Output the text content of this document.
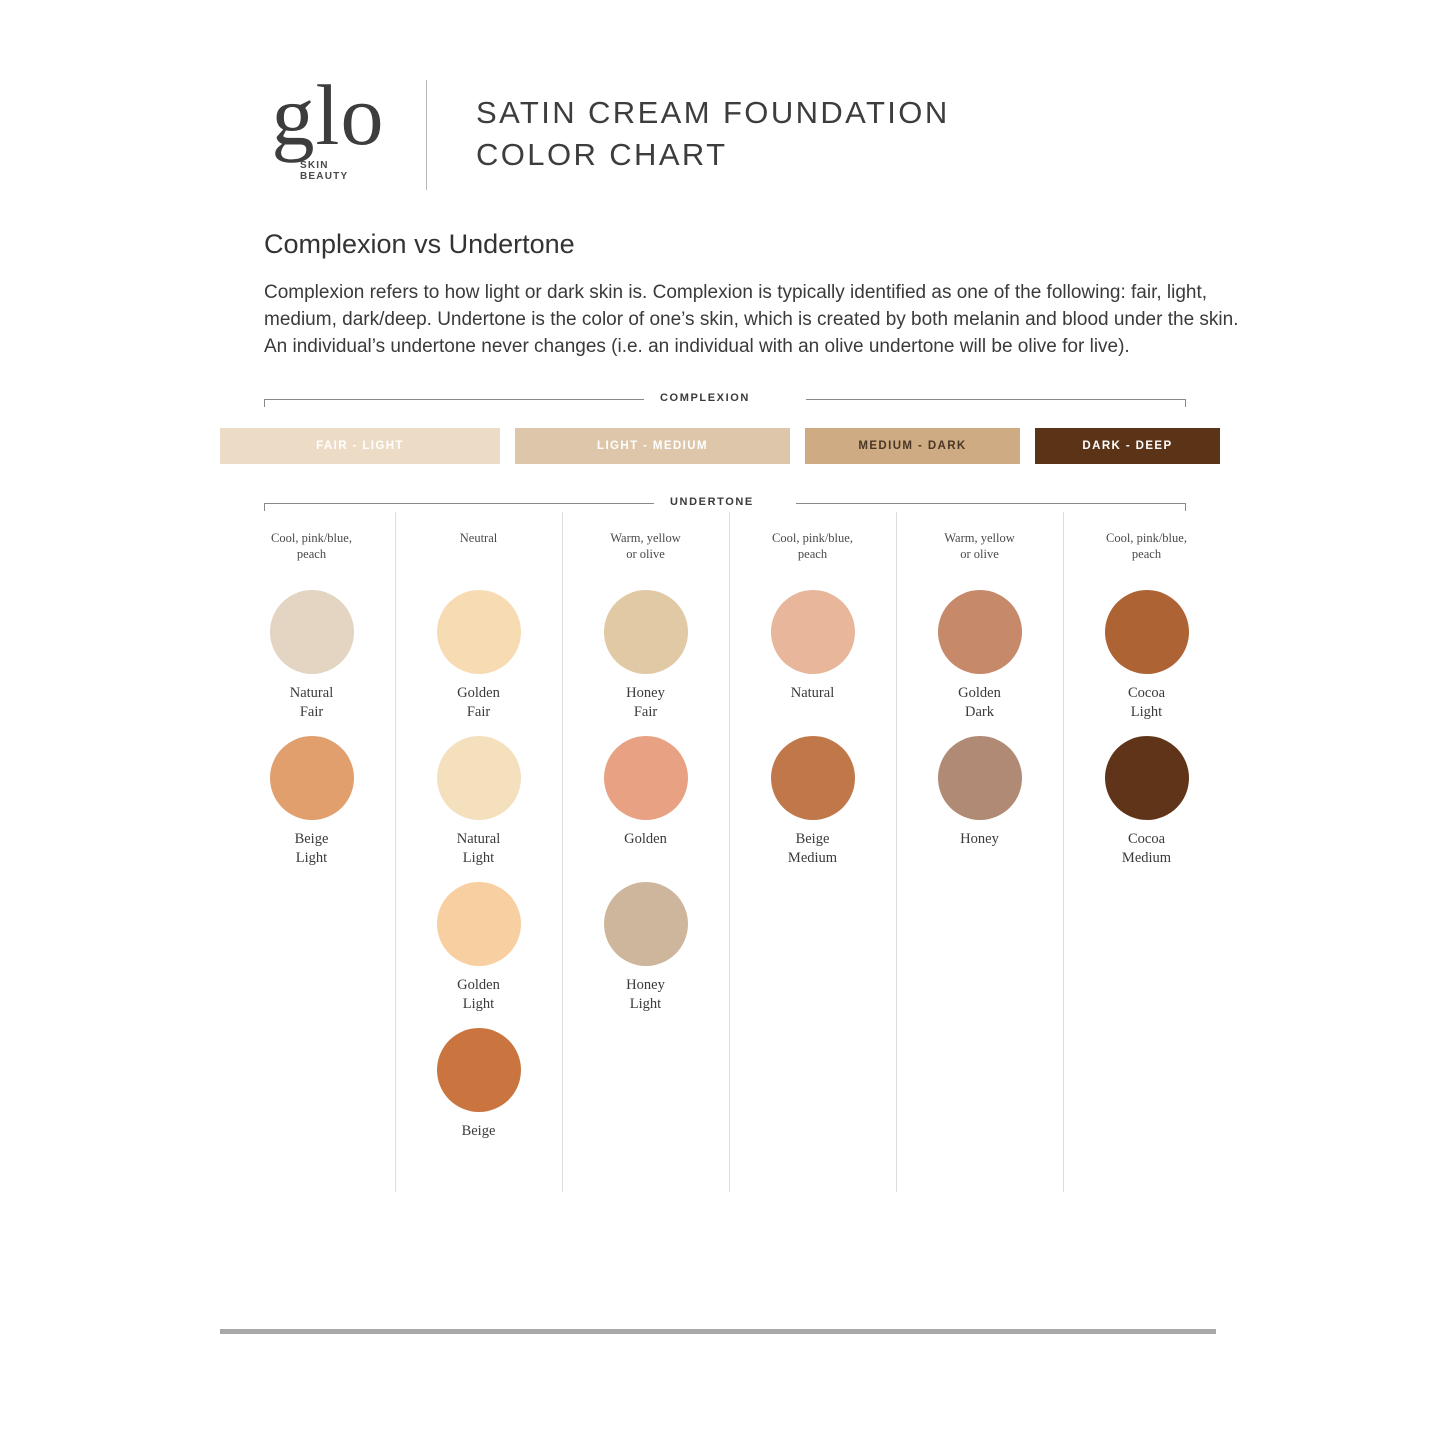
glo
SKIN
BEAUTY
SATIN CREAM FOUNDATION
COLOR CHART
Complexion vs Undertone

Complexion refers to how light or dark skin is. Complexion is typically identified as one of the following: fair, light, medium, dark/deep. Undertone is the color of one’s skin, which is created by both melanin and blood under the skin. An individual’s undertone never changes (i.e. an individual with an olive undertone will be olive for live).

COMPLEXION
FAIR - LIGHT	LIGHT - MEDIUM	MEDIUM - DARK	DARK - DEEP
UNDERTONE
Cool, pink/blue,
peach
Natural
Fair
Beige
Light
Neutral
Golden
Fair
Natural
Light
Golden
Light
Beige
Warm, yellow
or olive
Honey
Fair
Golden
Honey
Light
Cool, pink/blue,
peach
Natural
Beige
Medium
Warm, yellow
or olive
Golden
Dark
Honey
Cool, pink/blue,
peach
Cocoa
Light
Cocoa
Medium
